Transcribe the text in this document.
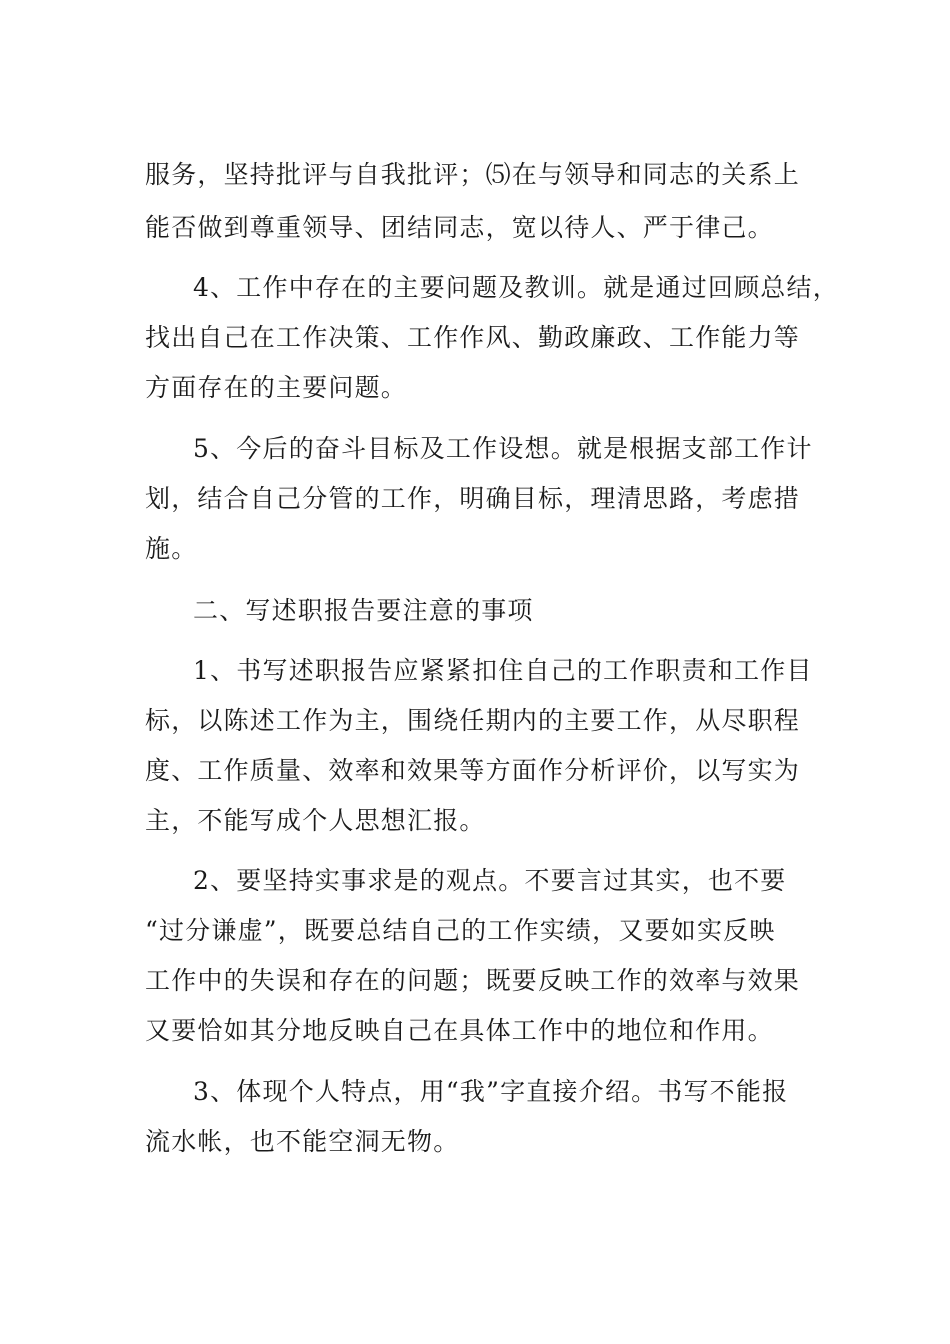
服务，坚持批评与自我批评；⑸在与领导和同志的关系上
能否做到尊重领导、团结同志，宽以待人、严于律己。
4、工作中存在的主要问题及教训。就是通过回顾总结，
找出自己在工作决策、工作作风、勤政廉政、工作能力等
方面存在的主要问题。
5、今后的奋斗目标及工作设想。就是根据支部工作计
划，结合自己分管的工作，明确目标，理清思路，考虑措
施。
二、写述职报告要注意的事项
1、书写述职报告应紧紧扣住自己的工作职责和工作目
标，以陈述工作为主，围绕任期内的主要工作，从尽职程
度、工作质量、效率和效果等方面作分析评价，以写实为
主，不能写成个人思想汇报。
2、要坚持实事求是的观点。不要言过其实，也不要
“过分谦虚”，既要总结自己的工作实绩，又要如实反映
工作中的失误和存在的问题；既要反映工作的效率与效果
又要恰如其分地反映自己在具体工作中的地位和作用。
3、体现个人特点，用“我”字直接介绍。书写不能报
流水帐，也不能空洞无物。
